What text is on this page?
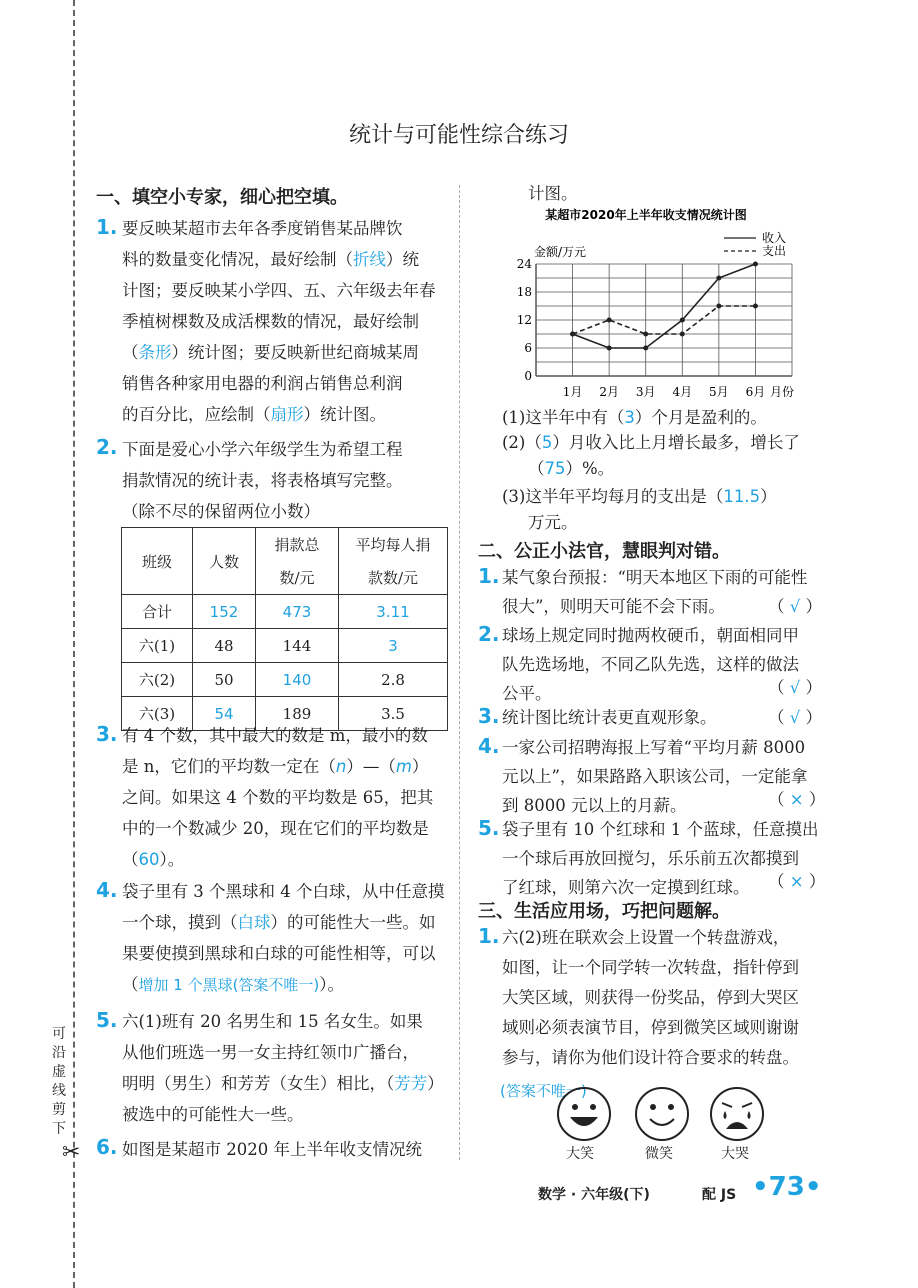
可
沿
虚
线
剪
下
✂
统计与可能性综合练习
一、填空小专家，细心把空填。
1. 要反映某超市去年各季度销售某品牌饮
料的数量变化情况，最好绘制（折线）统
计图；要反映某小学四、五、六年级去年春
季植树棵数及成活棵数的情况，最好绘制
（条形）统计图；要反映新世纪商城某周
销售各种家用电器的利润占销售总利润
的百分比，应绘制（扇形）统计图。
2. 下面是爱心小学六年级学生为希望工程
捐款情况的统计表，将表格填写完整。
（除不尽的保留两位小数）
班级	人数	捐款总	平均每人捐
		数/元	款数/元
合计	152	473	3.11
六(1)	48	144	3
六(2)	50	140	2.8
六(3)	54	189	3.5
3. 有 4 个数，其中最大的数是 m，最小的数
是 n，它们的平均数一定在（n）—（m）
之间。如果这 4 个数的平均数是 65，把其
中的一个数减少 20，现在它们的平均数是
（60）。
4. 袋子里有 3 个黑球和 4 个白球，从中任意摸
一个球，摸到（白球）的可能性大一些。如
果要使摸到黑球和白球的可能性相等，可以
（增加 1 个黑球(答案不唯一)）。
5. 六(1)班有 20 名男生和 15 名女生。如果
从他们班选一男一女主持红领巾广播台，
明明（男生）和芳芳（女生）相比，（芳芳）
被选中的可能性大一些。
6. 如图是某超市 2020 年上半年收支情况统
计图。
某超市2020年上半年收支情况统计图
金额/万元
月份
收入
支出
0
6
12
18
24
1月 2月 3月 4月 5月 6月
(1)这半年中有（3）个月是盈利的。
(2)（5）月收入比上月增长最多，增长了
（75）%。
(3)这半年平均每月的支出是（11.5）
万元。
二、公正小法官，慧眼判对错。
1. 某气象台预报：“明天本地区下雨的可能性
很大”，则明天可能不会下雨。	（ √ ）
2. 球场上规定同时抛两枚硬币，朝面相同甲
队先选场地，不同乙队先选，这样的做法
公平。	（ √ ）
3. 统计图比统计表更直观形象。	（ √ ）
4. 一家公司招聘海报上写着“平均月薪 8000
元以上”，如果路路入职该公司，一定能拿
到 8000 元以上的月薪。	（ × ）
5. 袋子里有 10 个红球和 1 个蓝球，任意摸出
一个球后再放回搅匀，乐乐前五次都摸到
了红球，则第六次一定摸到红球。	（ × ）
三、生活应用场，巧把问题解。
1. 六(2)班在联欢会上设置一个转盘游戏，
如图，让一个同学转一次转盘，指针停到
大笑区域，则获得一份奖品，停到大哭区
域则必须表演节目，停到微笑区域则谢谢
参与，请你为他们设计符合要求的转盘。
(答案不唯一)
大笑	微笑	大哭
数学 · 六年级(下)	配 JS •73•
